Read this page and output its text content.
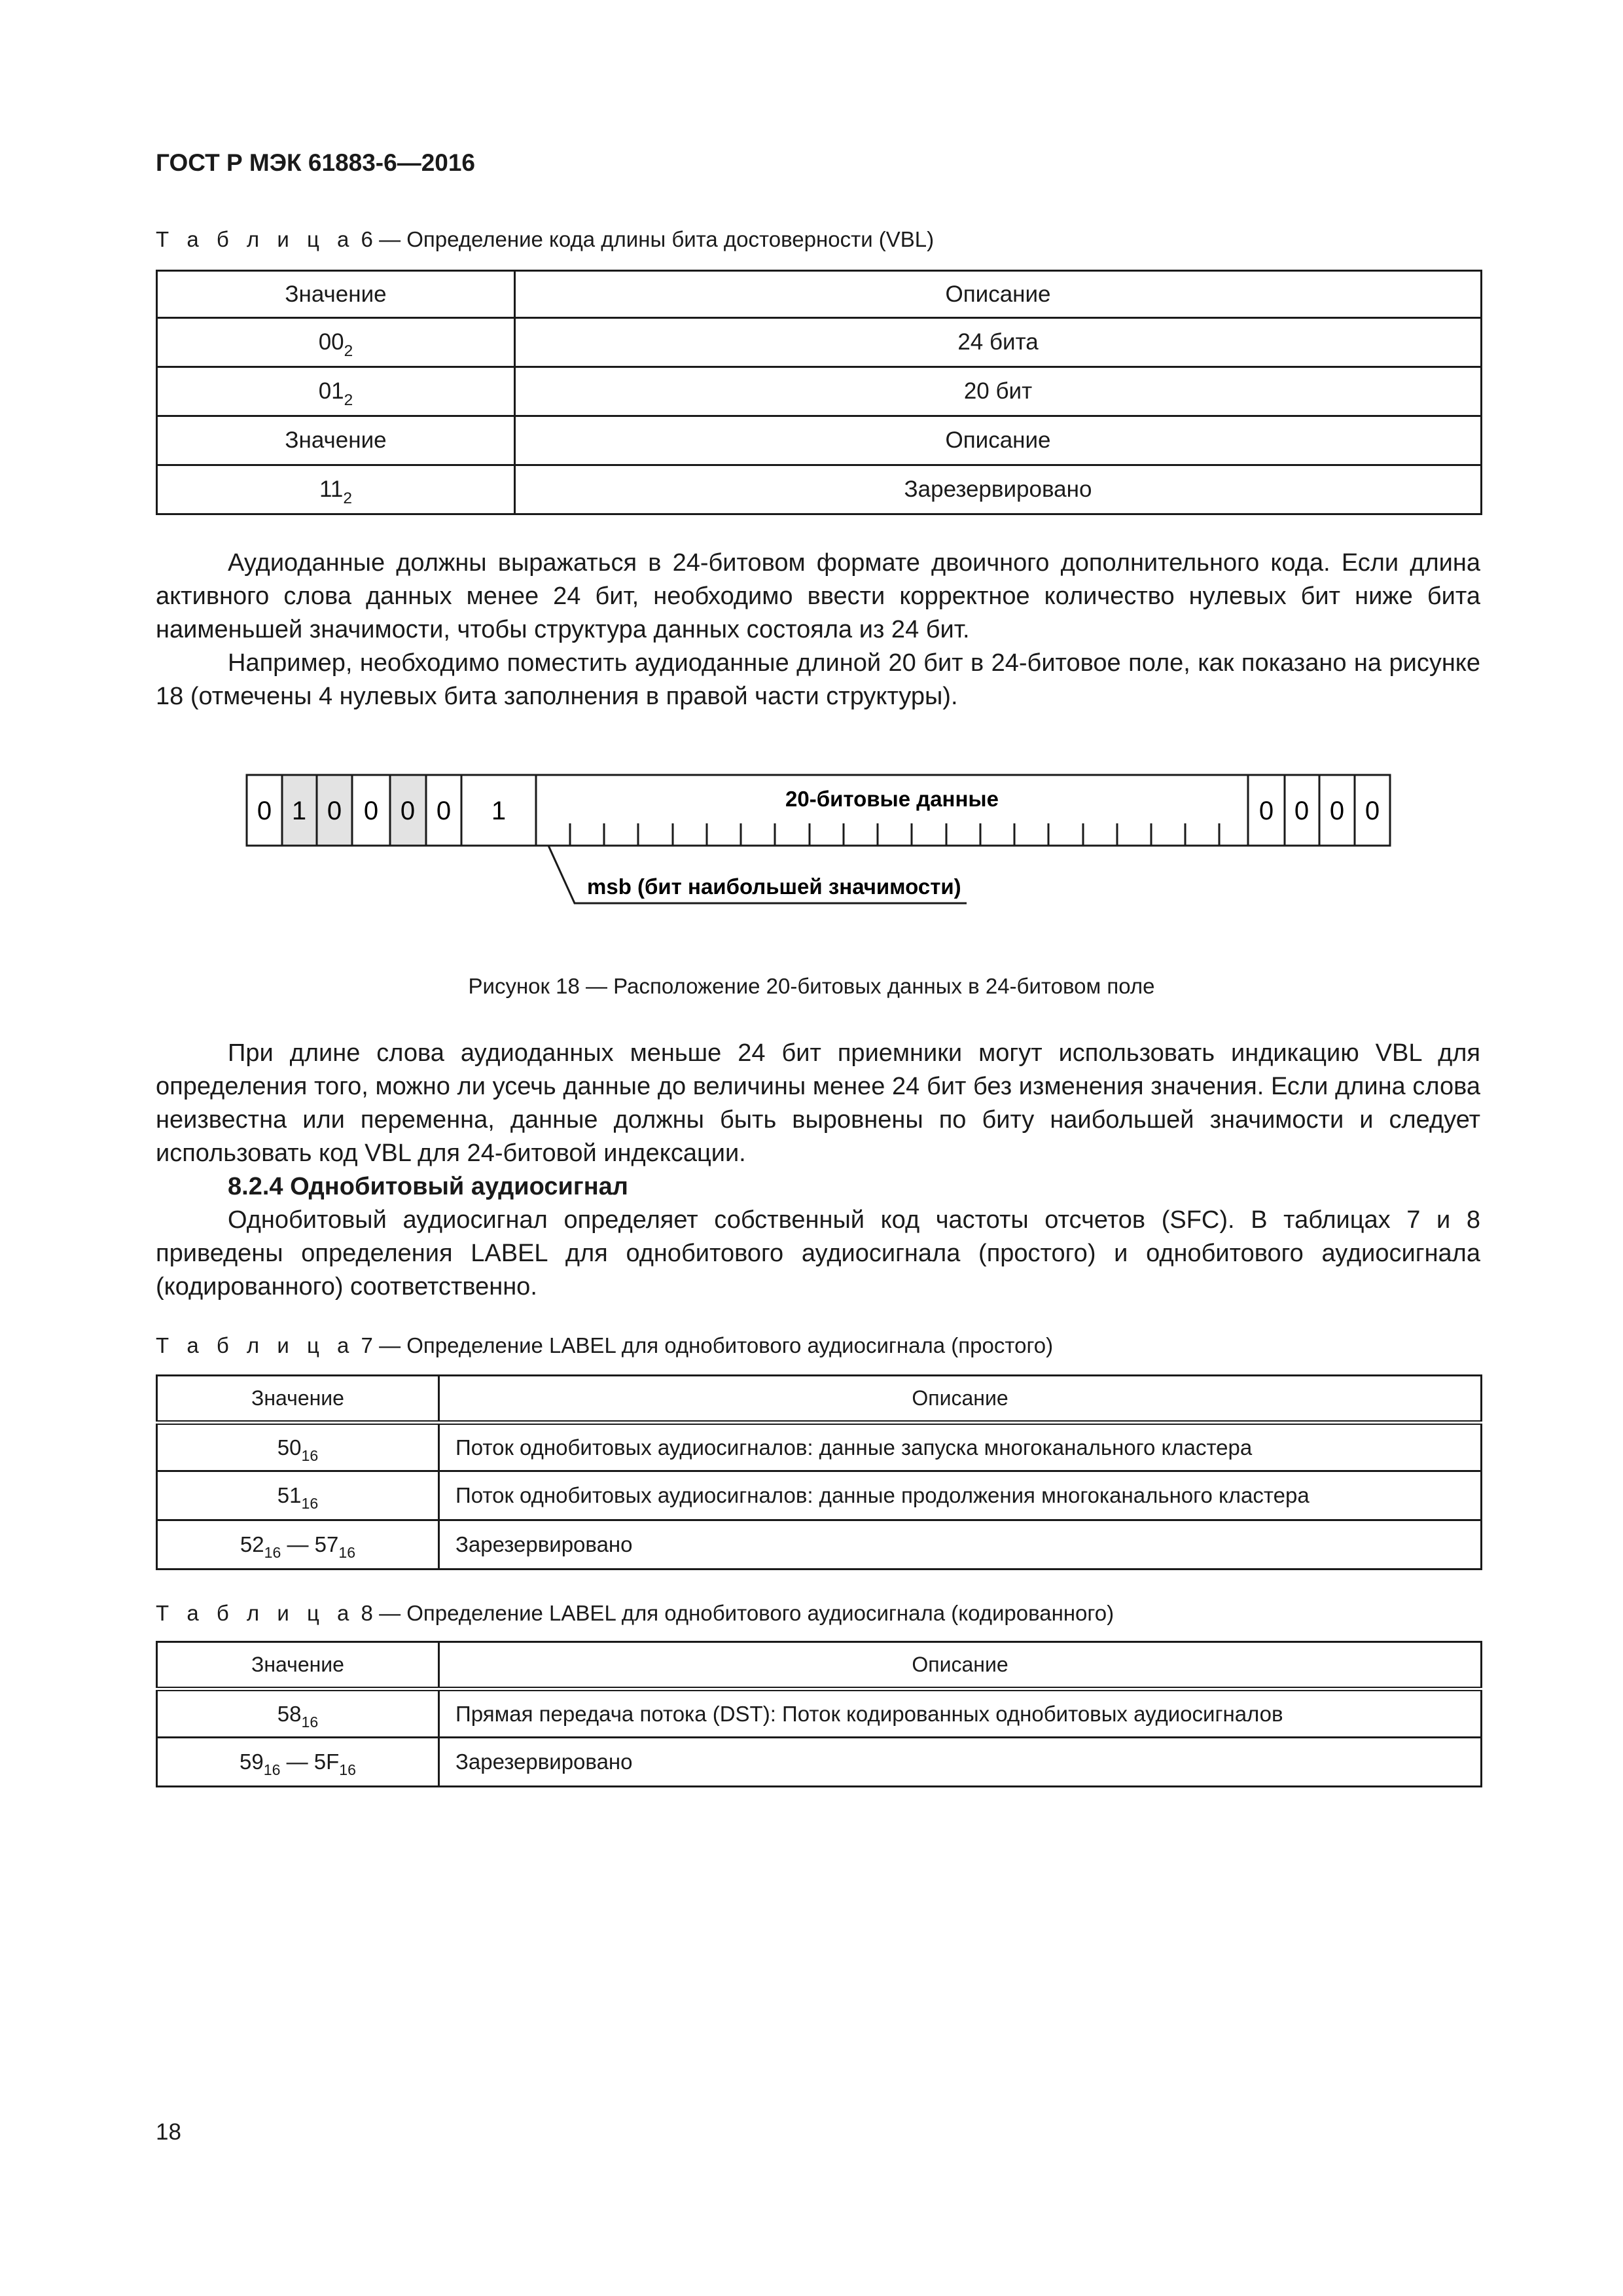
ГОСТ Р МЭК 61883-6—2016
Т а б л и ц а 6 — Определение кода длины бита достоверности (VBL)
Значение	Описание
$00_2$	24 бита
$01_2$	20 бит
Значение	Описание
$11_2$	Зарезервировано

Аудиоданные должны выражаться в 24-битовом формате двоичного дополнительного кода. Если длина активного слова данных менее 24 бит, необходимо ввести корректное количество нулевых бит ниже бита наименьшей значимости, чтобы структура данных состояла из 24 бит.

Например, необходимо поместить аудиоданные длиной 20 бит в 24-битовое поле, как показано на рисунке 18 (отмечены 4 нулевых бита заполнения в правой части структуры).

0 1 0 0 0 0 1	20-битовые данные	0 0 0 0
msb (бит наибольшей значимости)
Рисунок 18 — Расположение 20-битовых данных в 24-битовом поле

При длине слова аудиоданных меньше 24 бит приемники могут использовать индикацию VBL для определения того, можно ли усечь данные до величины менее 24 бит без изменения значения. Если длина слова неизвестна или переменна, данные должны быть выровнены по биту наибольшей значимости и следует использовать код VBL для 24-битовой индексации.

8.2.4 Однобитовый аудиосигнал

Однобитовый аудиосигнал определяет собственный код частоты отсчетов (SFC). В таблицах 7 и 8 приведены определения LABEL для однобитового аудиосигнала (простого) и однобитового аудиосигнала (кодированного) соответственно.

Т а б л и ц а 7 — Определение LABEL для однобитового аудиосигнала (простого)
Значение	Описание
$50_{16}$	Поток однобитовых аудиосигналов: данные запуска многоканального кластера
$51_{16}$	Поток однобитовых аудиосигналов: данные продолжения многоканального кластера
$52_{16}$ — $57_{16}$	Зарезервировано
Т а б л и ц а 8 — Определение LABEL для однобитового аудиосигнала (кодированного)
Значение	Описание
$58_{16}$	Прямая передача потока (DST): Поток кодированных однобитовых аудиосигналов
$59_{16}$ — $5F_{16}$	Зарезервировано
18
